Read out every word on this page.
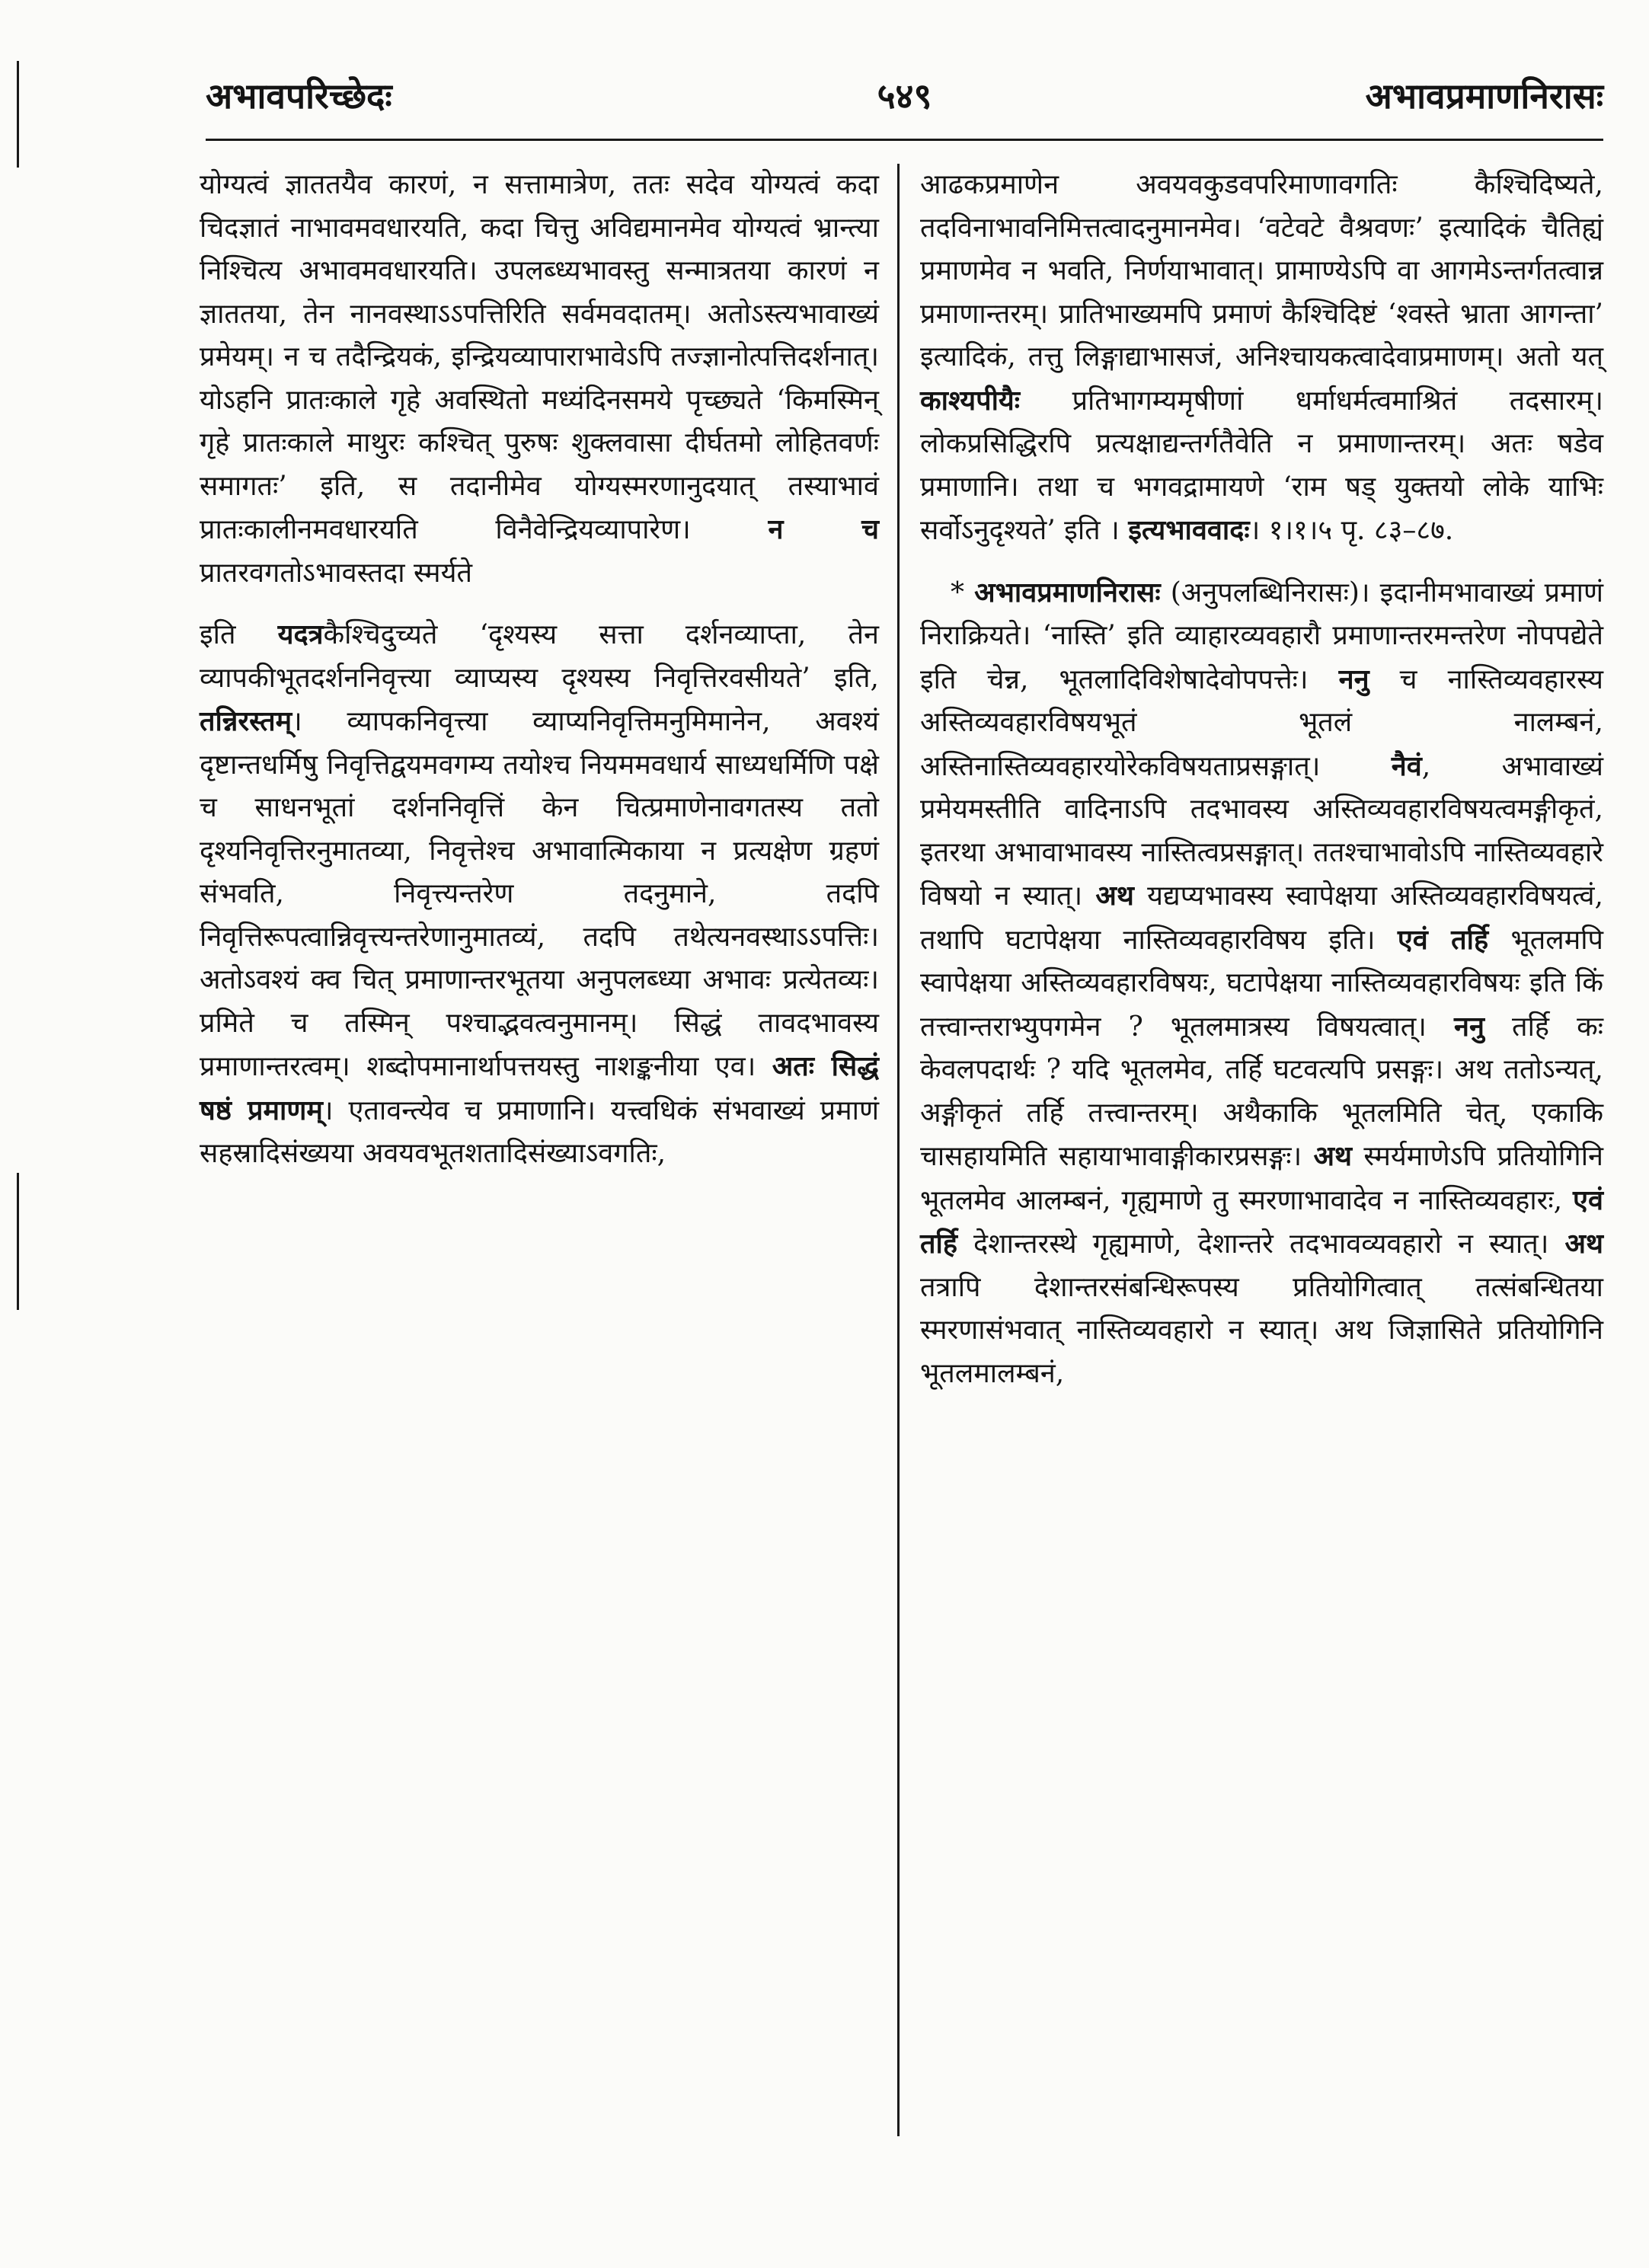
अभावपरिच्छेदः	५४९	अभावप्रमाणनिरासः

योग्यत्वं ज्ञाततयैव कारणं, न सत्तामात्रेण, ततः सदेव योग्यत्वं कदा चिदज्ञातं नाभावमवधारयति, कदा चित्तु अविद्यमानमेव योग्यत्वं भ्रान्त्या निश्चित्य अभावमवधारयति। उपलब्ध्यभावस्तु सन्मात्रतया कारणं न ज्ञाततया, तेन नानवस्थाऽऽपत्तिरिति सर्वमवदातम्। अतोऽस्त्यभावाख्यं प्रमेयम्। न च तदैन्द्रियकं, इन्द्रियव्यापाराभावेऽपि तज्ज्ञानोत्पत्तिदर्शनात्। योऽहनि प्रातःकाले गृहे अवस्थितो मध्यंदिनसमये पृच्छ्यते ‘किमस्मिन् गृहे प्रातःकाले माथुरः कश्चित् पुरुषः शुक्लवासा दीर्घतमो लोहितवर्णः समागतः’ इति, स तदानीमेव योग्यस्मरणानुदयात् तस्याभावं प्रातःकालीनमवधारयति विनैवेन्द्रियव्यापारेण।	न च प्रातरवगतोऽभावस्तदा स्मर्यते

इति यदत्रकैश्चिदुच्यते ‘दृश्यस्य सत्ता दर्शनव्याप्ता, तेन व्यापकीभूतदर्शननिवृत्त्या व्याप्यस्य दृश्यस्य निवृत्तिरवसीयते’ इति, तन्निरस्तम्। व्यापकनिवृत्त्या व्याप्यनिवृत्तिमनुमिमानेन, अवश्यं दृष्टान्तधर्मिषु निवृत्तिद्वयमवगम्य तयोश्च नियममवधार्य साध्यधर्मिणि पक्षे च साधनभूतां दर्शननिवृत्तिं केन चित्प्रमाणेनावगतस्य ततो दृश्यनिवृत्तिरनुमातव्या, निवृत्तेश्च अभावात्मिकाया न प्रत्यक्षेण ग्रहणं संभवति, निवृत्त्यन्तरेण तदनुमाने, तदपि निवृत्तिरूपत्वान्निवृत्त्यन्तरेणानुमातव्यं, तदपि तथेत्यनवस्थाऽऽपत्तिः। अतोऽवश्यं क्व चित् प्रमाणान्तरभूतया अनुपलब्ध्या अभावः प्रत्येतव्यः। प्रमिते च तस्मिन् पश्चाद्भवत्वनुमानम्। सिद्धं तावदभावस्य प्रमाणान्तरत्वम्। शब्दोपमानार्थापत्तयस्तु नाशङ्कनीया एव। अतः सिद्धं षष्ठं प्रमाणम्। एतावन्त्येव च प्रमाणानि। यत्त्वधिकं संभवाख्यं प्रमाणं सहस्रादिसंख्यया अवयवभूतशतादिसंख्याऽवगतिः,

आढकप्रमाणेन अवयवकुडवपरिमाणावगतिः कैश्चिदिष्यते, तदविनाभावनिमित्तत्वादनुमानमेव। ‘वटेवटे वैश्रवणः’ इत्यादिकं चैतिह्यं प्रमाणमेव न भवति, निर्णयाभावात्। प्रामाण्येऽपि वा आगमेऽन्तर्गतत्वान्न प्रमाणान्तरम्। प्रातिभाख्यमपि प्रमाणं कैश्चिदिष्टं ‘श्वस्ते भ्राता आगन्ता’ इत्यादिकं, तत्तु लिङ्गाद्याभासजं, अनिश्चायकत्वादेवाप्रमाणम्। अतो यत् काश्यपीयैः प्रतिभागम्यमृषीणां धर्माधर्मत्वमाश्रितं तदसारम्। लोकप्रसिद्धिरपि प्रत्यक्षाद्यन्तर्गतैवेति न प्रमाणान्तरम्। अतः षडेव प्रमाणानि। तथा च भगवद्रामायणे ‘राम षड् युक्तयो लोके याभिः सर्वोऽनुदृश्यते’ इति । इत्यभाववादः। १।१।५ पृ. ८३–८७.

* अभावप्रमाणनिरासः (अनुपलब्धिनिरासः)। इदानीमभावाख्यं प्रमाणं निराक्रियते। ‘नास्ति’ इति व्याहारव्यवहारौ प्रमाणान्तरमन्तरेण नोपपद्येते इति चेन्न, भूतलादिविशेषादेवोपपत्तेः। ननु च नास्तिव्यवहारस्य अस्तिव्यवहारविषयभूतं भूतलं नालम्बनं, अस्तिनास्तिव्यवहारयोरेकविषयताप्रसङ्गात्।	नैवं, अभावाख्यं प्रमेयमस्तीति वादिनाऽपि तदभावस्य अस्तिव्यवहारविषयत्वमङ्गीकृतं, इतरथा अभावाभावस्य नास्तित्वप्रसङ्गात्। ततश्चाभावोऽपि नास्तिव्यवहारे विषयो न स्यात्। अथ यद्यप्यभावस्य स्वापेक्षया अस्तिव्यवहारविषयत्वं, तथापि घटापेक्षया नास्तिव्यवहारविषय इति। एवं तर्हि भूतलमपि स्वापेक्षया अस्तिव्यवहारविषयः, घटापेक्षया नास्तिव्यवहारविषयः इति किं तत्त्वान्तराभ्युपगमेन ? भूतलमात्रस्य विषयत्वात्। ननु तर्हि कः केवलपदार्थः ? यदि भूतलमेव, तर्हि घटवत्यपि प्रसङ्गः। अथ ततोऽन्यत्, अङ्गीकृतं तर्हि तत्त्वान्तरम्। अथैकाकि भूतलमिति चेत्, एकाकि चासहायमिति सहायाभावाङ्गीकारप्रसङ्गः। अथ स्मर्यमाणेऽपि प्रतियोगिनि भूतलमेव आलम्बनं, गृह्यमाणे तु स्मरणाभावादेव न नास्तिव्यवहारः, एवं तर्हि देशान्तरस्थे गृह्यमाणे, देशान्तरे तदभावव्यवहारो न स्यात्। अथ तत्रापि देशान्तरसंबन्धिरूपस्य प्रतियोगित्वात् तत्संबन्धितया स्मरणासंभवात् नास्तिव्यवहारो न स्यात्। अथ जिज्ञासिते प्रतियोगिनि भूतलमालम्बनं,
